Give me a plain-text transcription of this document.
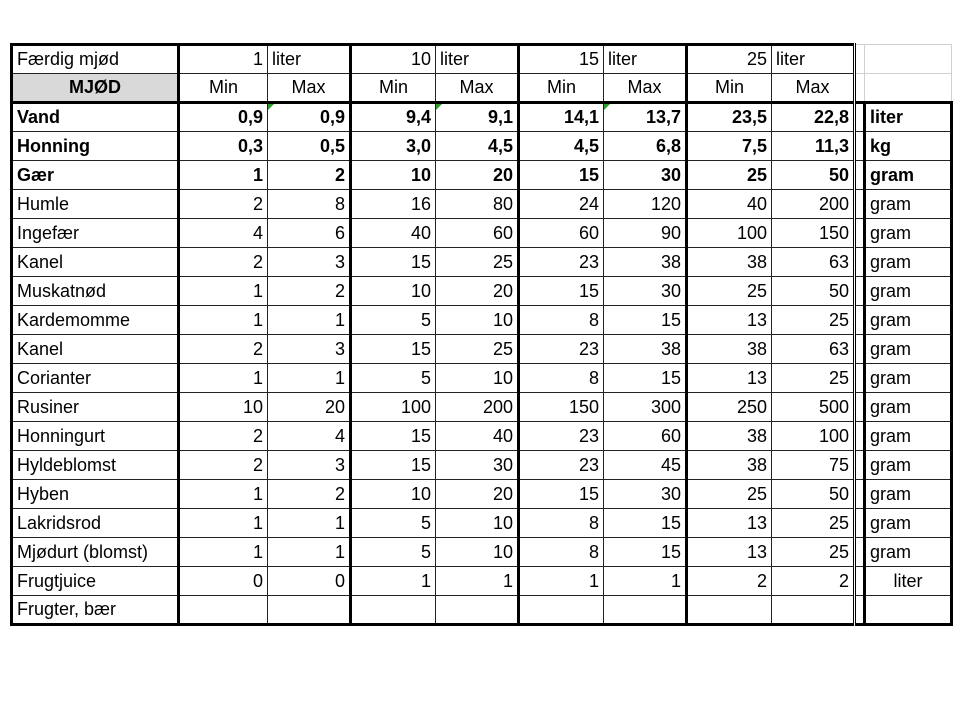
Færdig mjød	1	liter	10	liter	15	liter	25	liter		
MJØD	Min	Max	Min	Max	Min	Max	Min	Max		
Vand	0,9	0,9	9,4	9,1	14,1	13,7	23,5	22,8		liter
Honning	0,3	0,5	3,0	4,5	4,5	6,8	7,5	11,3		kg
Gær	1	2	10	20	15	30	25	50		gram
Humle	2	8	16	80	24	120	40	200		gram
Ingefær	4	6	40	60	60	90	100	150		gram
Kanel	2	3	15	25	23	38	38	63		gram
Muskatnød	1	2	10	20	15	30	25	50		gram
Kardemomme	1	1	5	10	8	15	13	25		gram
Kanel	2	3	15	25	23	38	38	63		gram
Corianter	1	1	5	10	8	15	13	25		gram
Rusiner	10	20	100	200	150	300	250	500		gram
Honningurt	2	4	15	40	23	60	38	100		gram
Hyldeblomst	2	3	15	30	23	45	38	75		gram
Hyben	1	2	10	20	15	30	25	50		gram
Lakridsrod	1	1	5	10	8	15	13	25		gram
Mjødurt (blomst)	1	1	5	10	8	15	13	25		gram
Frugtjuice	0	0	1	1	1	1	2	2		liter
Frugter, bær										
